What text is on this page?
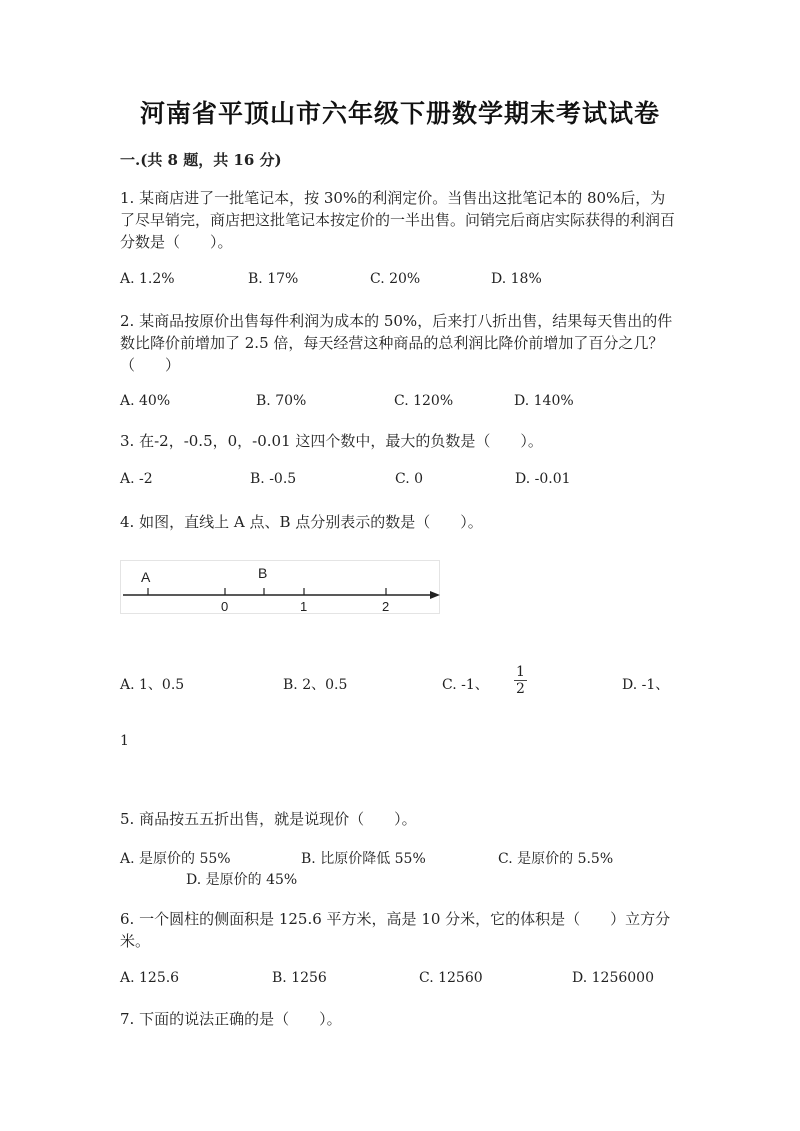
河南省平顶山市六年级下册数学期末考试试卷
一.(共 8 题，共 16 分)
1. 某商店进了一批笔记本，按 30%的利润定价。当售出这批笔记本的 80%后，为了尽早销完，商店把这批笔记本按定价的一半出售。问销完后商店实际获得的利润百分数是（　　）。
A. 1.2%	B. 17%	C. 20%	D. 18%
2. 某商品按原价出售每件利润为成本的 50%，后来打八折出售，结果每天售出的件数比降价前增加了 2.5 倍，每天经营这种商品的总利润比降价前增加了百分之几？（　　）
A. 40%	B. 70%	C. 120%	D. 140%
3. 在-2，-0.5，0，-0.01 这四个数中，最大的负数是（　　）。
A. -2	B. -0.5	C. 0	D. -0.01
4. 如图，直线上 A 点、B 点分别表示的数是（　　）。
A	B
0	1	2
A. 1、0.5	B. 2、0.5	C. -1、 $\frac{1}{2}$	D. -1、
1
5. 商品按五五折出售，就是说现价（　　）。
A. 是原价的 55%	B. 比原价降低 55%	C. 是原价的 5.5%
D. 是原价的 45%
6. 一个圆柱的侧面积是 125.6 平方米，高是 10 分米，它的体积是（　　）立方分米。
A. 125.6	B. 1256	C. 12560	D. 1256000
7. 下面的说法正确的是（　　）。
